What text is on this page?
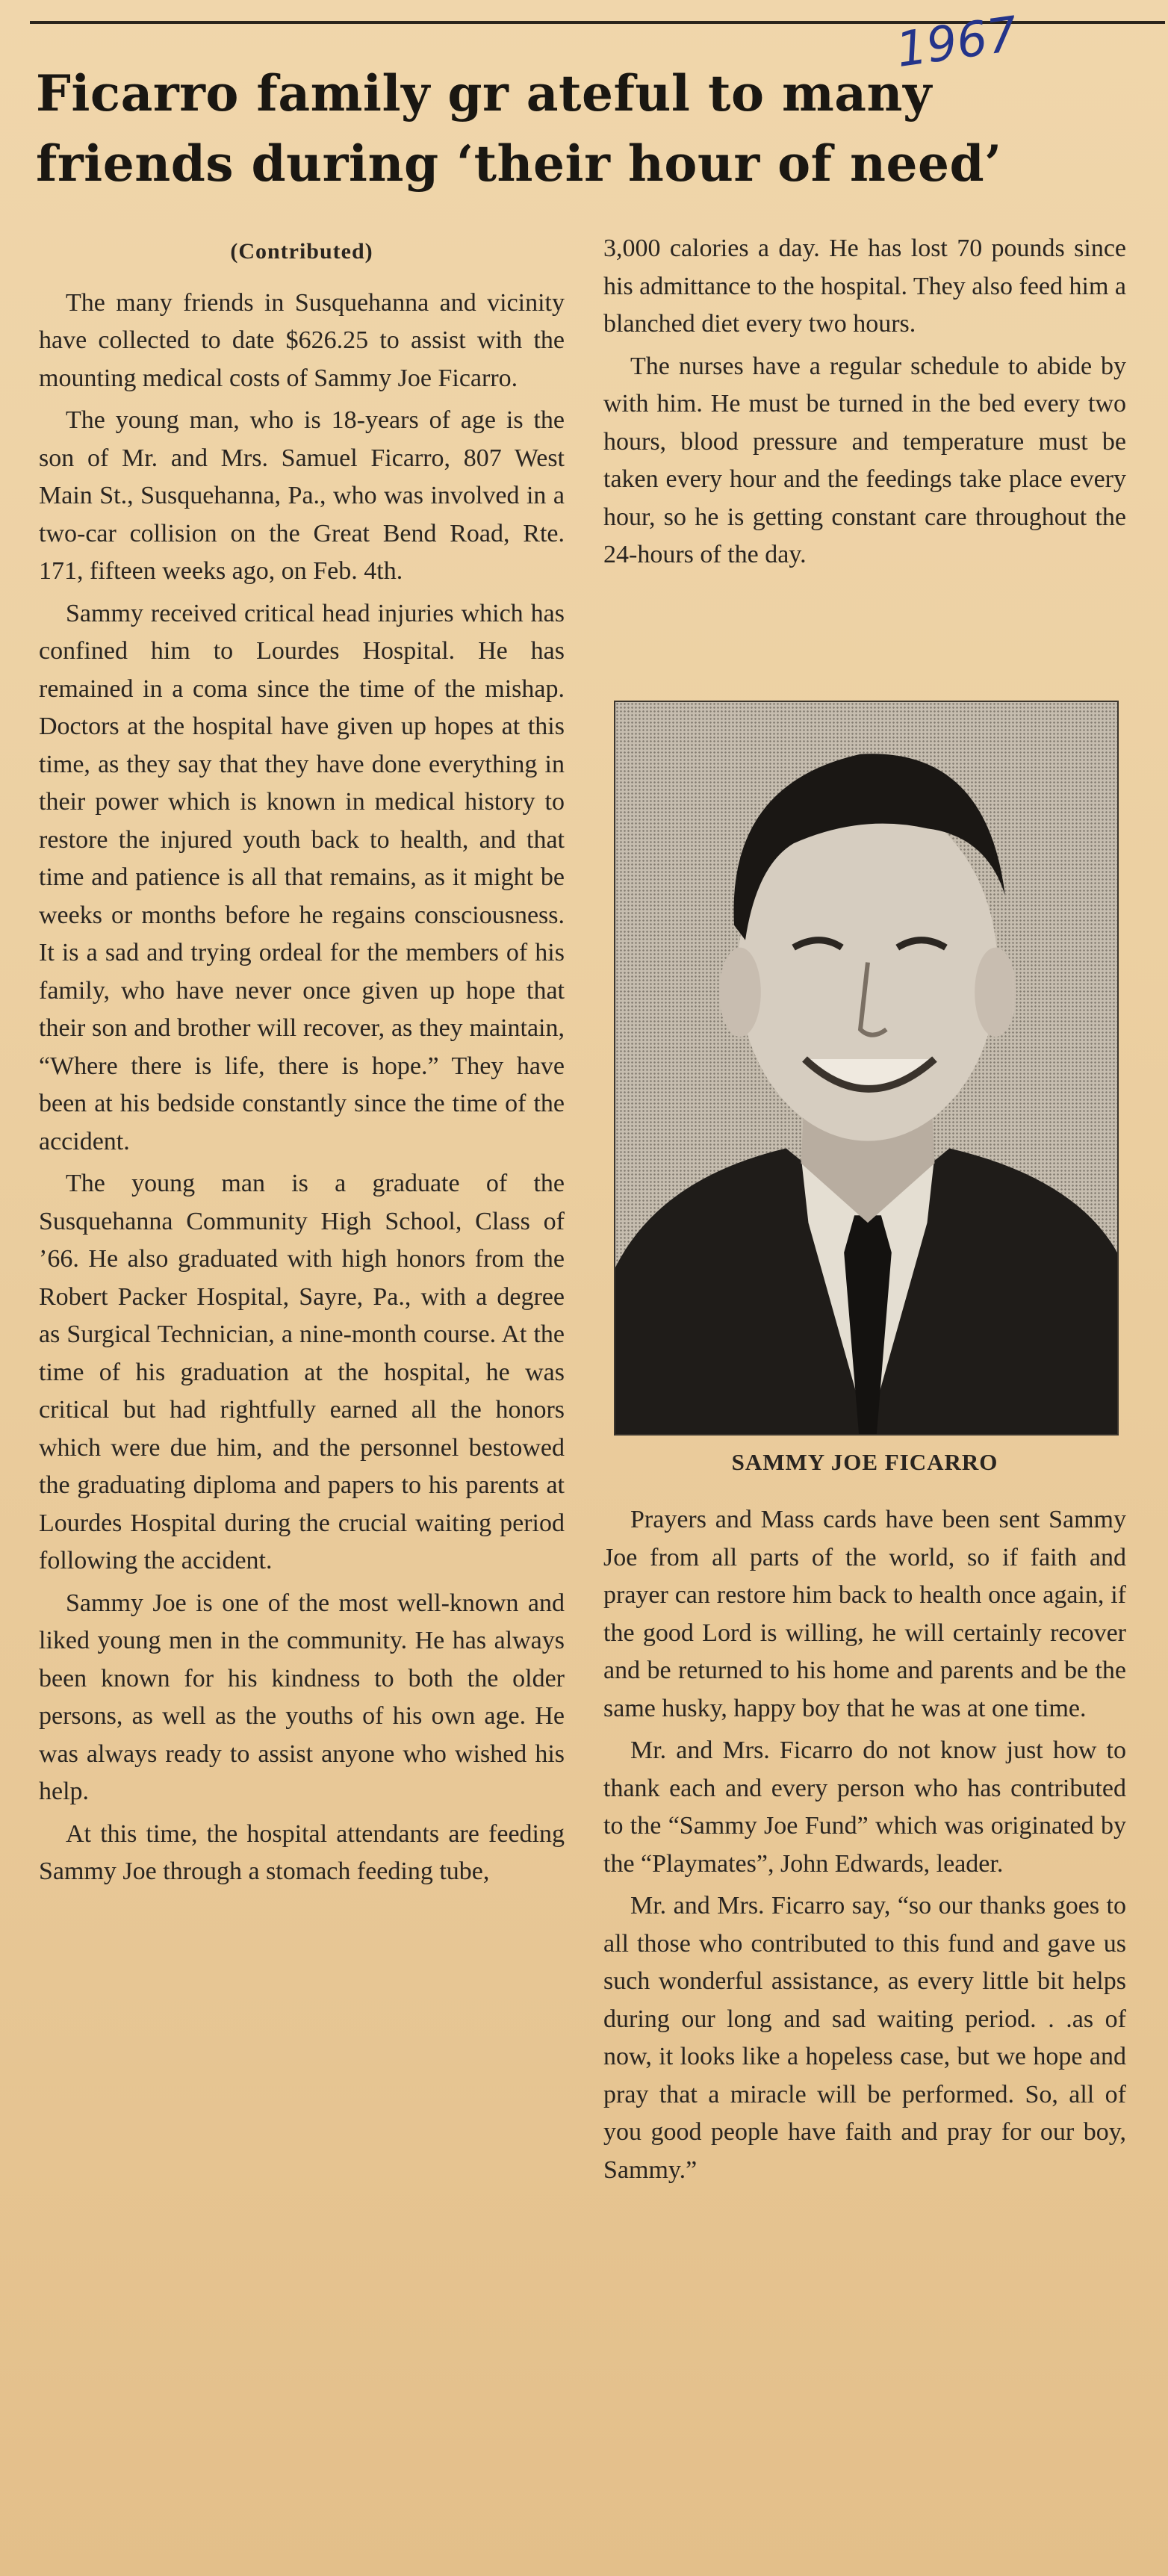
1967
Ficarro family gr ateful to many
friends during ‘their hour of need’
(Contributed)

The many friends in Susquehanna and vicinity have collected to date $626.25 to assist with the mounting medical costs of Sammy Joe Ficarro.

The young man, who is 18-years of age is the son of Mr. and Mrs. Samuel Ficarro, 807 West Main St., Susquehanna, Pa., who was involved in a two-car collision on the Great Bend Road, Rte. 171, fifteen weeks ago, on Feb. 4th.

Sammy received critical head injuries which has confined him to Lourdes Hospital. He has remained in a coma since the time of the mishap. Doctors at the hospital have given up hopes at this time, as they say that they have done everything in their power which is known in medical history to restore the injured youth back to health, and that time and patience is all that remains, as it might be weeks or months before he regains consciousness. It is a sad and trying ordeal for the members of his family, who have never once given up hope that their son and brother will recover, as they maintain, “Where there is life, there is hope.” They have been at his bedside constantly since the time of the accident.

The young man is a graduate of the Susquehanna Community High School, Class of ’66. He also graduated with high honors from the Robert Packer Hospital, Sayre, Pa., with a degree as Surgical Technician, a nine-month course. At the time of his graduation at the hospital, he was critical but had rightfully earned all the honors which were due him, and the personnel bestowed the graduating diploma and papers to his parents at Lourdes Hospital during the crucial waiting period following the accident.

Sammy Joe is one of the most well-known and liked young men in the community. He has always been known for his kindness to both the older persons, as well as the youths of his own age. He was always ready to assist anyone who wished his help.

At this time, the hospital attendants are feeding Sammy Joe through a stomach feeding tube,

3,000 calories a day. He has lost 70 pounds since his admittance to the hospital. They also feed him a blanched diet every two hours.

The nurses have a regular schedule to abide by with him. He must be turned in the bed every two hours, blood pressure and temperature must be taken every hour and the feedings take place every hour, so he is getting constant care throughout the 24-hours of the day.

SAMMY JOE FICARRO

Prayers and Mass cards have been sent Sammy Joe from all parts of the world, so if faith and prayer can restore him back to health once again, if the good Lord is willing, he will certainly recover and be returned to his home and parents and be the same husky, happy boy that he was at one time.

Mr. and Mrs. Ficarro do not know just how to thank each and every person who has contributed to the “Sammy Joe Fund” which was originated by the “Playmates”, John Edwards, leader.

Mr. and Mrs. Ficarro say, “so our thanks goes to all those who contributed to this fund and gave us such wonderful assistance, as every little bit helps during our long and sad waiting period. . .as of now, it looks like a hopeless case, but we hope and pray that a miracle will be performed. So, all of you good people have faith and pray for our boy, Sammy.”
